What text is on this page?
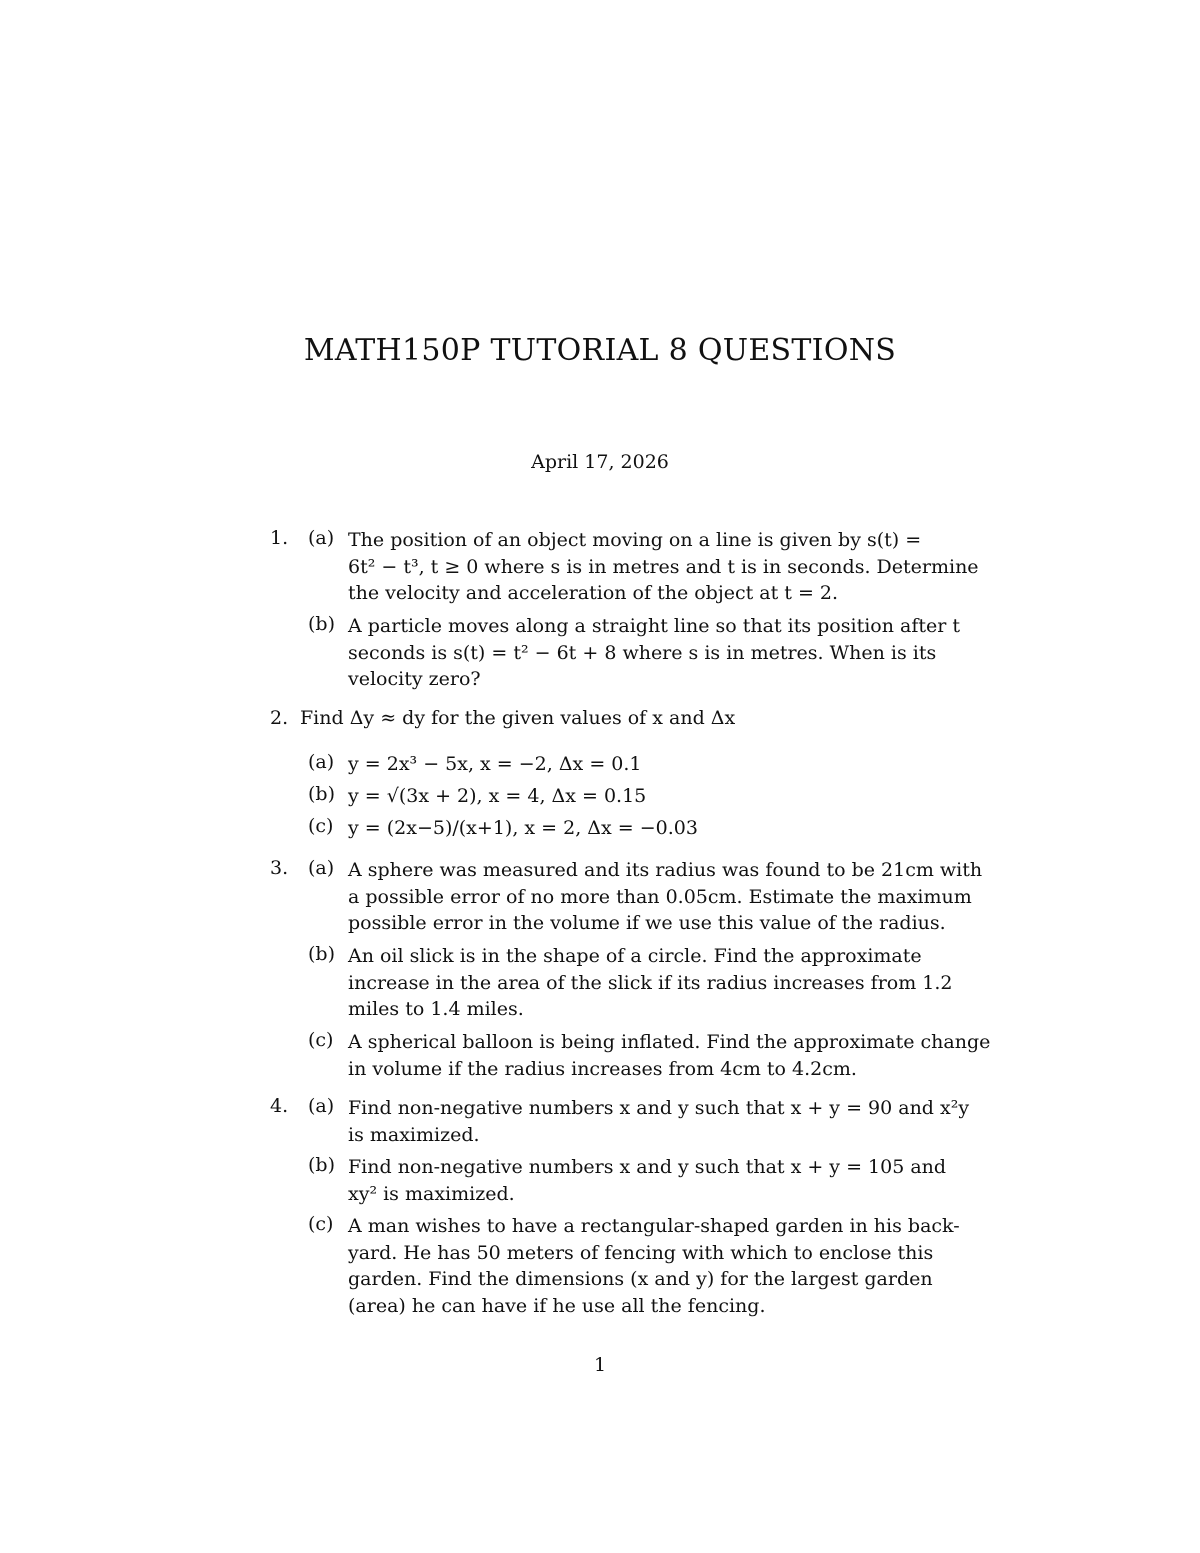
MATH150P TUTORIAL 8 QUESTIONS
April 17, 2026
1. (a) The position of an object moving on a line is given by s(t) =
6t² − t³, t ≥ 0 where s is in metres and t is in seconds. Determine
the velocity and acceleration of the object at t = 2.
(b) A particle moves along a straight line so that its position after t
seconds is s(t) = t² − 6t + 8 where s is in metres. When is its
velocity zero?
2. Find Δy ≈ dy for the given values of x and Δx
(a) y = 2x³ − 5x, x = −2, Δx = 0.1
(b) y = √(3x + 2), x = 4, Δx = 0.15
(c) y = (2x−5)/(x+1), x = 2, Δx = −0.03
3. (a) A sphere was measured and its radius was found to be 21cm with
a possible error of no more than 0.05cm. Estimate the maximum
possible error in the volume if we use this value of the radius.
(b) An oil slick is in the shape of a circle. Find the approximate
increase in the area of the slick if its radius increases from 1.2
miles to 1.4 miles.
(c) A spherical balloon is being inflated. Find the approximate change
in volume if the radius increases from 4cm to 4.2cm.
4. (a) Find non-negative numbers x and y such that x + y = 90 and x²y
is maximized.
(b) Find non-negative numbers x and y such that x + y = 105 and
xy² is maximized.
(c) A man wishes to have a rectangular-shaped garden in his back-
yard. He has 50 meters of fencing with which to enclose this
garden. Find the dimensions (x and y) for the largest garden
(area) he can have if he use all the fencing.
1
